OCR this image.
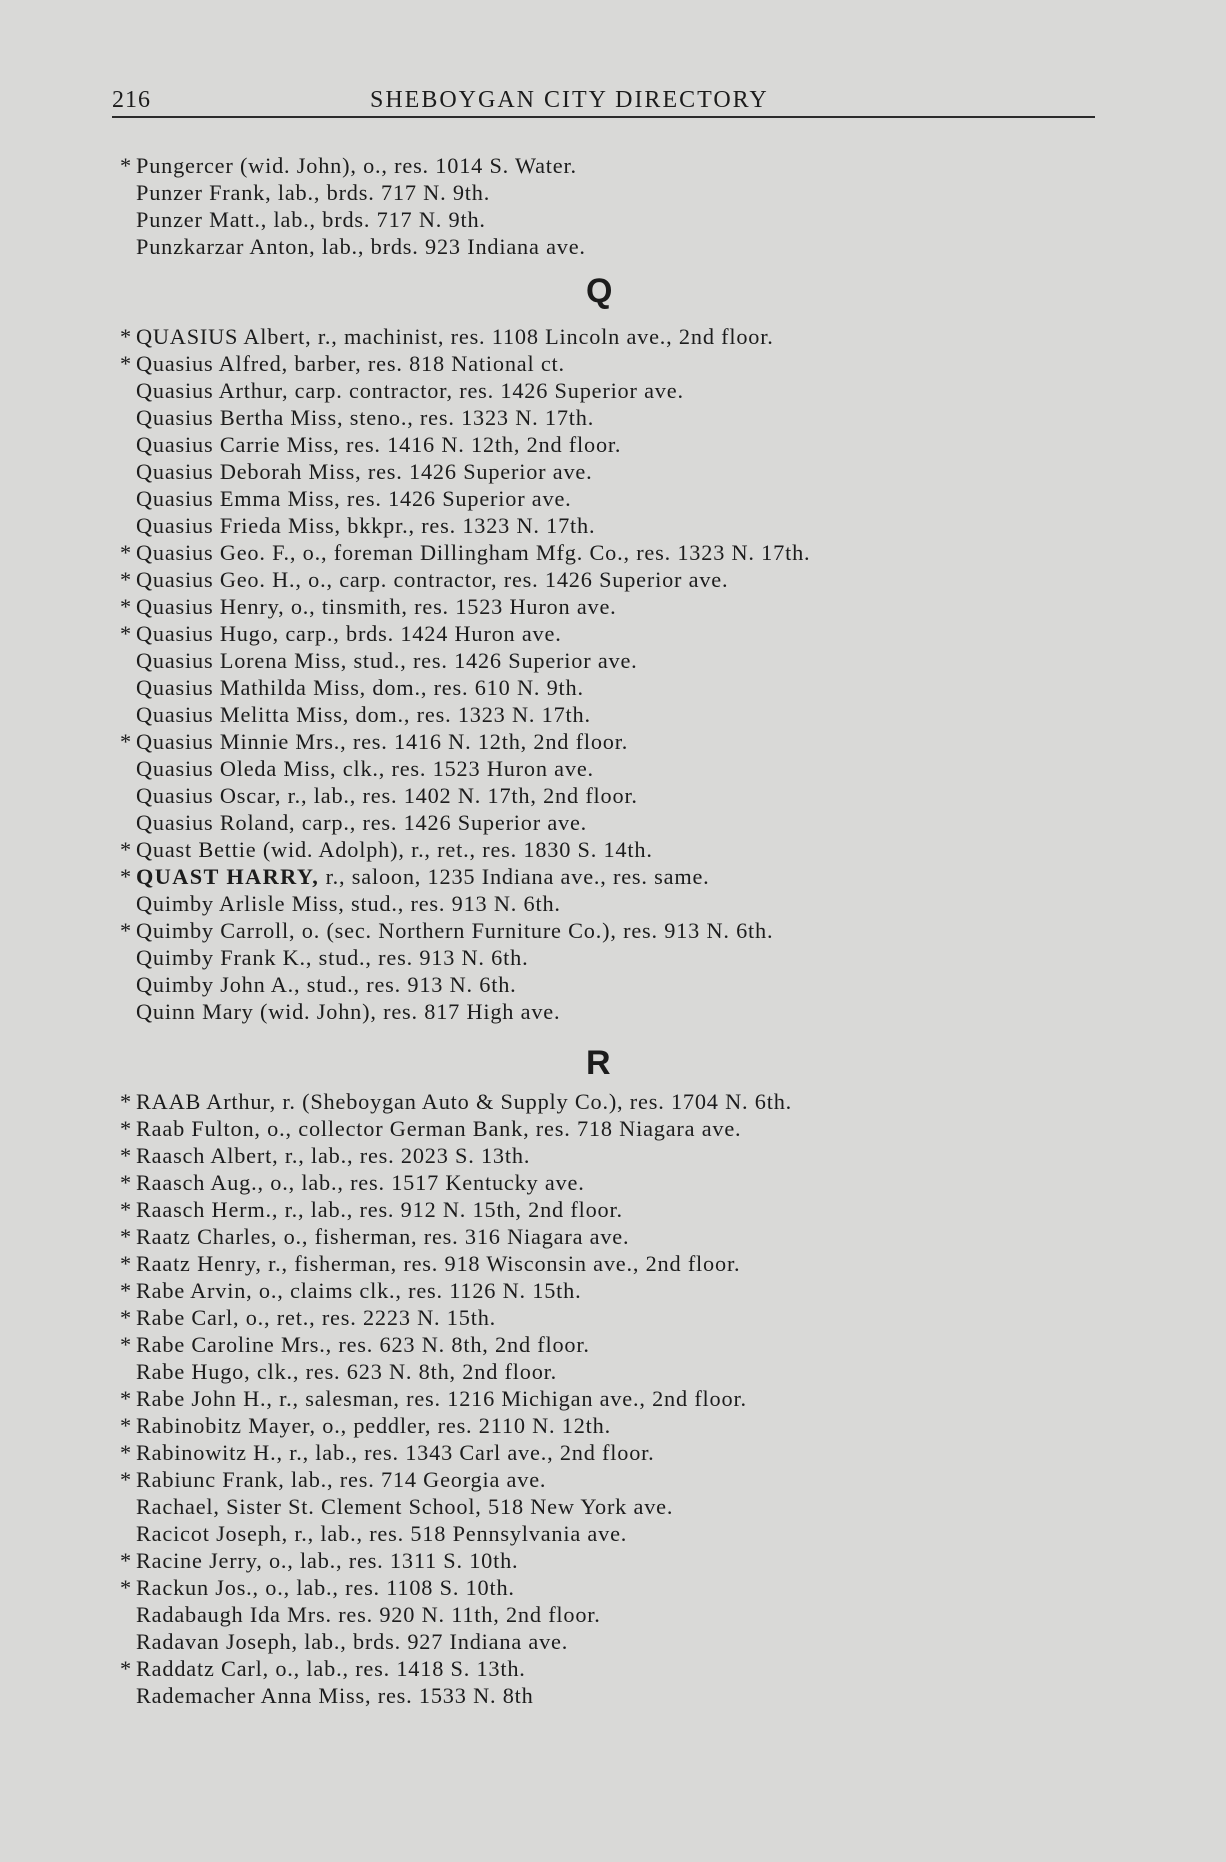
216	SHEBOYGAN CITY DIRECTORY
* Pungercer (wid. John), o., res. 1014 S. Water.
Punzer Frank, lab., brds. 717 N. 9th.
Punzer Matt., lab., brds. 717 N. 9th.
Punzkarzar Anton, lab., brds. 923 Indiana ave.
Q
* QUASIUS Albert, r., machinist, res. 1108 Lincoln ave., 2nd floor.
* Quasius Alfred, barber, res. 818 National ct.
Quasius Arthur, carp. contractor, res. 1426 Superior ave.
Quasius Bertha Miss, steno., res. 1323 N. 17th.
Quasius Carrie Miss, res. 1416 N. 12th, 2nd floor.
Quasius Deborah Miss, res. 1426 Superior ave.
Quasius Emma Miss, res. 1426 Superior ave.
Quasius Frieda Miss, bkkpr., res. 1323 N. 17th.
* Quasius Geo. F., o., foreman Dillingham Mfg. Co., res. 1323 N. 17th.
* Quasius Geo. H., o., carp. contractor, res. 1426 Superior ave.
* Quasius Henry, o., tinsmith, res. 1523 Huron ave.
* Quasius Hugo, carp., brds. 1424 Huron ave.
Quasius Lorena Miss, stud., res. 1426 Superior ave.
Quasius Mathilda Miss, dom., res. 610 N. 9th.
Quasius Melitta Miss, dom., res. 1323 N. 17th.
* Quasius Minnie Mrs., res. 1416 N. 12th, 2nd floor.
Quasius Oleda Miss, clk., res. 1523 Huron ave.
Quasius Oscar, r., lab., res. 1402 N. 17th, 2nd floor.
Quasius Roland, carp., res. 1426 Superior ave.
* Quast Bettie (wid. Adolph), r., ret., res. 1830 S. 14th.
* QUAST HARRY, r., saloon, 1235 Indiana ave., res. same.
Quimby Arlisle Miss, stud., res. 913 N. 6th.
* Quimby Carroll, o. (sec. Northern Furniture Co.), res. 913 N. 6th.
Quimby Frank K., stud., res. 913 N. 6th.
Quimby John A., stud., res. 913 N. 6th.
Quinn Mary (wid. John), res. 817 High ave.
R
* RAAB Arthur, r. (Sheboygan Auto & Supply Co.), res. 1704 N. 6th.
* Raab Fulton, o., collector German Bank, res. 718 Niagara ave.
* Raasch Albert, r., lab., res. 2023 S. 13th.
* Raasch Aug., o., lab., res. 1517 Kentucky ave.
* Raasch Herm., r., lab., res. 912 N. 15th, 2nd floor.
* Raatz Charles, o., fisherman, res. 316 Niagara ave.
* Raatz Henry, r., fisherman, res. 918 Wisconsin ave., 2nd floor.
* Rabe Arvin, o., claims clk., res. 1126 N. 15th.
* Rabe Carl, o., ret., res. 2223 N. 15th.
* Rabe Caroline Mrs., res. 623 N. 8th, 2nd floor.
Rabe Hugo, clk., res. 623 N. 8th, 2nd floor.
* Rabe John H., r., salesman, res. 1216 Michigan ave., 2nd floor.
* Rabinobitz Mayer, o., peddler, res. 2110 N. 12th.
* Rabinowitz H., r., lab., res. 1343 Carl ave., 2nd floor.
* Rabiunc Frank, lab., res. 714 Georgia ave.
Rachael, Sister St. Clement School, 518 New York ave.
Racicot Joseph, r., lab., res. 518 Pennsylvania ave.
* Racine Jerry, o., lab., res. 1311 S. 10th.
* Rackun Jos., o., lab., res. 1108 S. 10th.
Radabaugh Ida Mrs. res. 920 N. 11th, 2nd floor.
Radavan Joseph, lab., brds. 927 Indiana ave.
* Raddatz Carl, o., lab., res. 1418 S. 13th.
Rademacher Anna Miss, res. 1533 N. 8th
